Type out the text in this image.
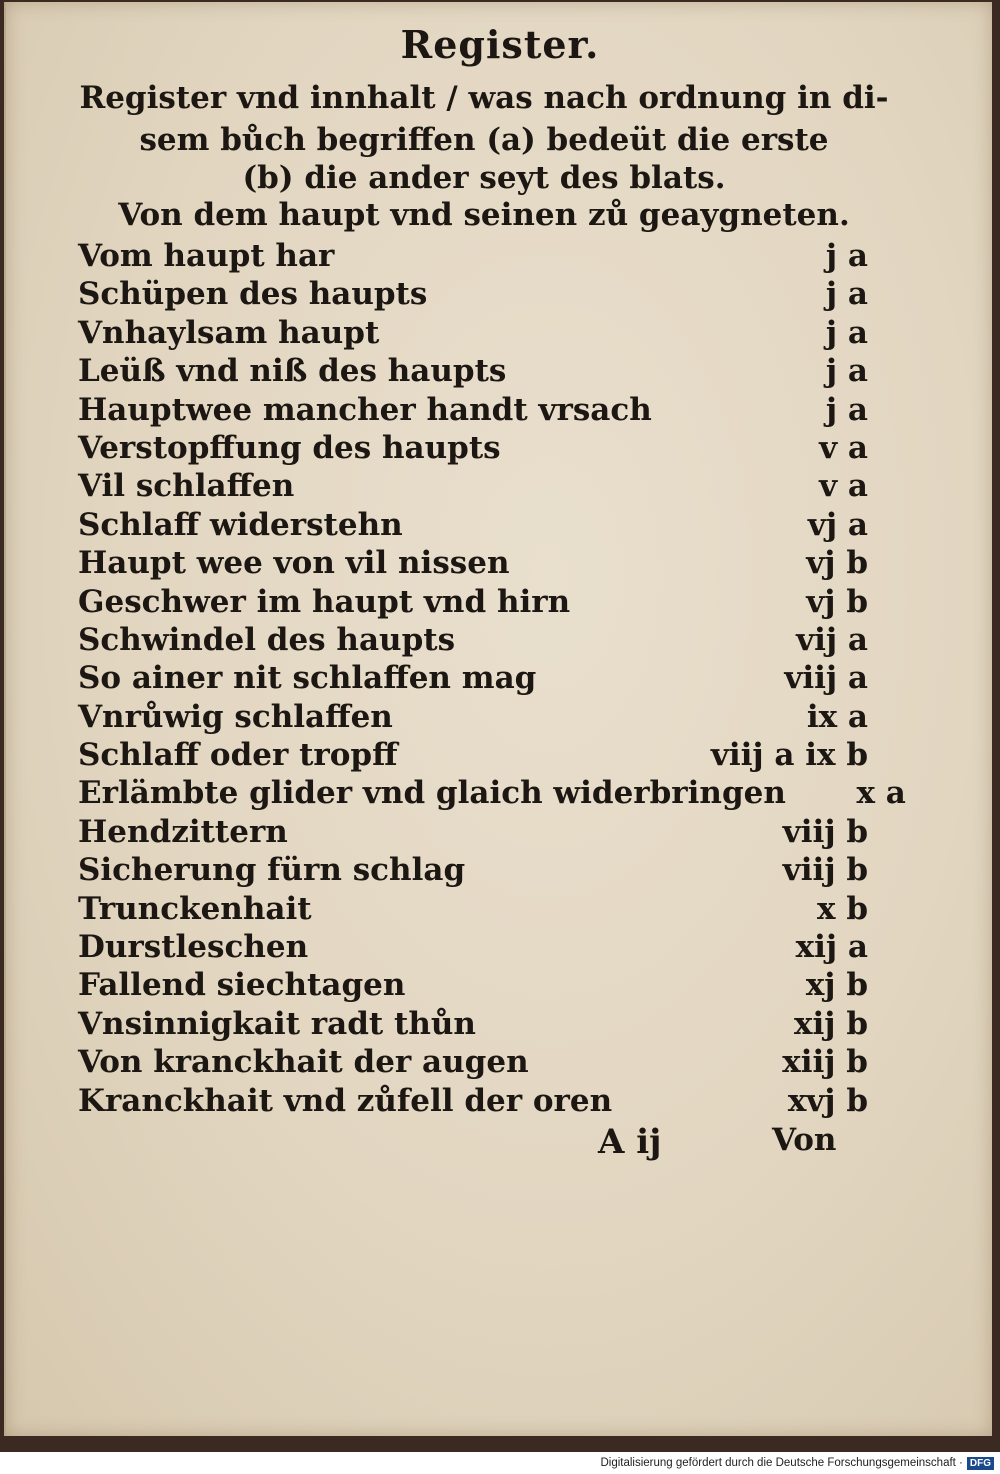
Register.
Register vnd innhalt / was nach ordnung in di-
sem bůch begriffen (a) bedeüt die erste
(b) die ander seyt des blats.
Von dem haupt vnd seinen zů geaygneten.
Vom haupt har	j a
Schüpen des haupts	j a
Vnhaylsam haupt	j a
Leüß vnd niß des haupts	j a
Hauptwee mancher handt vrsach	j a
Verstopffung des haupts	v a
Vil schlaffen	v a
Schlaff widerstehn	vj a
Haupt wee von vil nissen	vj b
Geschwer im haupt vnd hirn	vj b
Schwindel des haupts	vij a
So ainer nit schlaffen mag	viij a
Vnrůwig schlaffen	ix a
Schlaff oder tropff	viij a ix b
Erlämbte glider vnd glaich widerbringen	x a
Hendzittern	viij b
Sicherung fürn schlag	viij b
Trunckenhait	x b
Durstleschen	xij a
Fallend siechtagen	xj b
Vnsinnigkait radt thůn	xij b
Von kranckhait der augen	xiij b
Kranckhait vnd zůfell der oren	xvj b
A ij	Von
Digitalisierung gefördert durch die Deutsche Forschungsgemeinschaft · DFG
